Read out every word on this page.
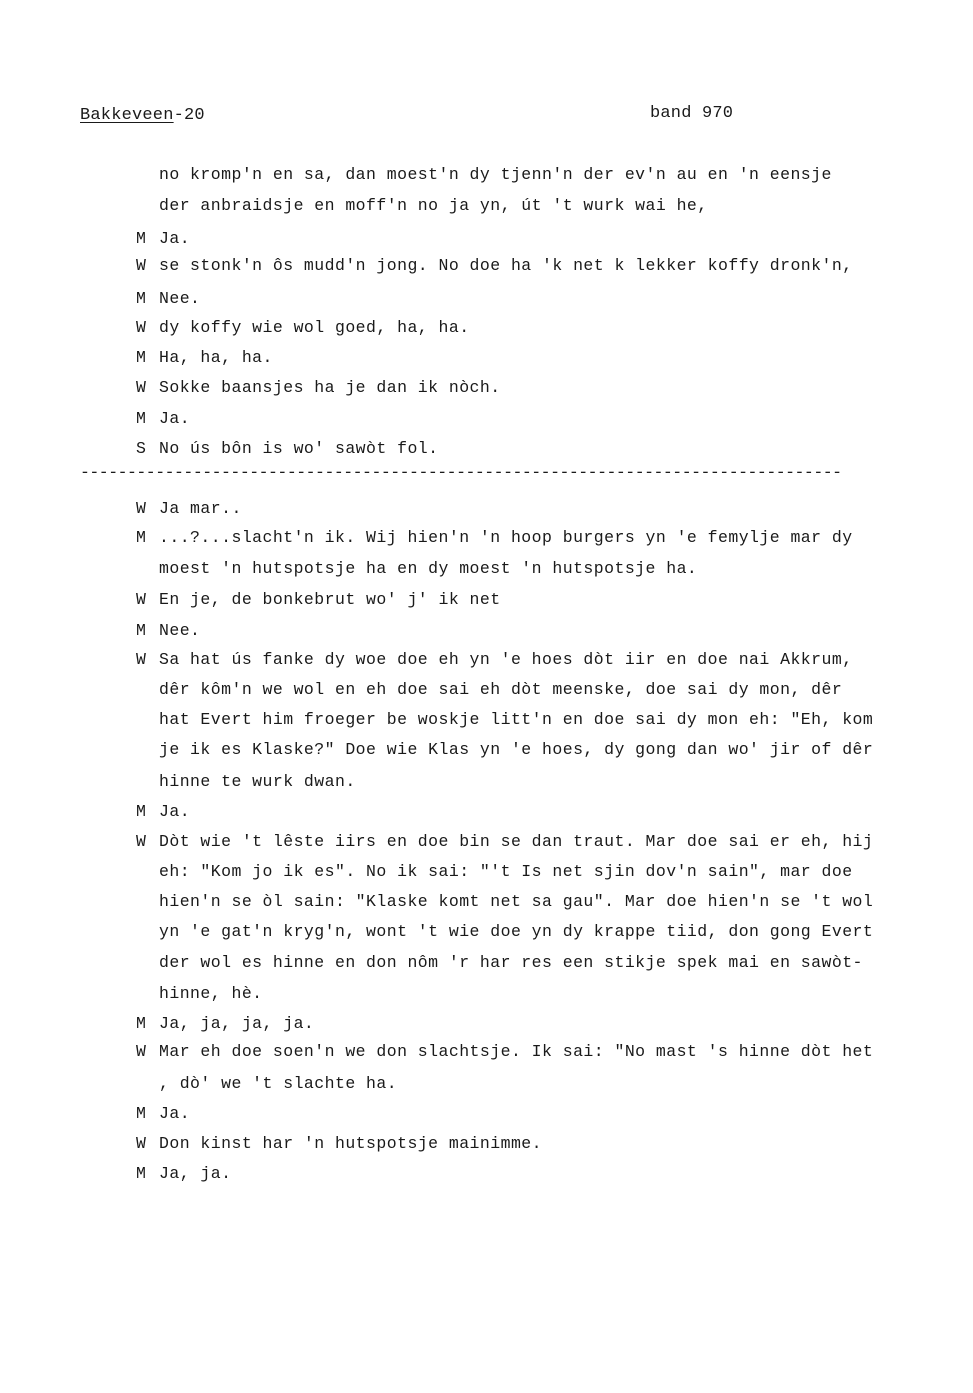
Bakkeveen-20	band 970
---------------------------------------------------------------------------------
no kromp'n en sa, dan moest'n dy tjenn'n der ev'n au en 'n eensje
der anbraidsje en moff'n no ja yn, út 't wurk wai he,
M Ja.
W se stonk'n ôs mudd'n jong. No doe ha 'k net k lekker koffy dronk'n,
M Nee.
W dy koffy wie wol goed, ha, ha.
M Ha, ha, ha.
W Sokke baansjes ha je dan ik nòch.
M Ja.
S No ús bôn is wo' sawòt fol.
W Ja mar..
M ...?...slacht'n ik. Wij hien'n 'n hoop burgers yn 'e femylje mar dy
moest 'n hutspotsje ha en dy moest 'n hutspotsje ha.
W En je, de bonkebrut wo' j' ik net
M Nee.
W Sa hat ús fanke dy woe doe eh yn 'e hoes dòt iir en doe nai Akkrum,
dêr kôm'n we wol en eh doe sai eh dòt meenske, doe sai dy mon, dêr
hat Evert him froeger be woskje litt'n en doe sai dy mon eh: "Eh, kom
je ik es Klaske?" Doe wie Klas yn 'e hoes, dy gong dan wo' jir of dêr
hinne te wurk dwan.
M Ja.
W Dòt wie 't lêste iirs en doe bin se dan traut. Mar doe sai er eh, hij
eh: "Kom jo ik es". No ik sai: "'t Is net sjin dov'n sain", mar doe
hien'n se òl sain: "Klaske komt net sa gau". Mar doe hien'n se 't wol
yn 'e gat'n kryg'n, wont 't wie doe yn dy krappe tiid, don gong Evert
der wol es hinne en don nôm 'r har res een stikje spek mai en sawòt-
hinne, hè.
M Ja, ja, ja, ja.
W Mar eh doe soen'n we don slachtsje. Ik sai: "No mast 's hinne dòt het
, dò' we 't slachte ha.
M Ja.
W Don kinst har 'n hutspotsje mainimme.
M Ja, ja.
